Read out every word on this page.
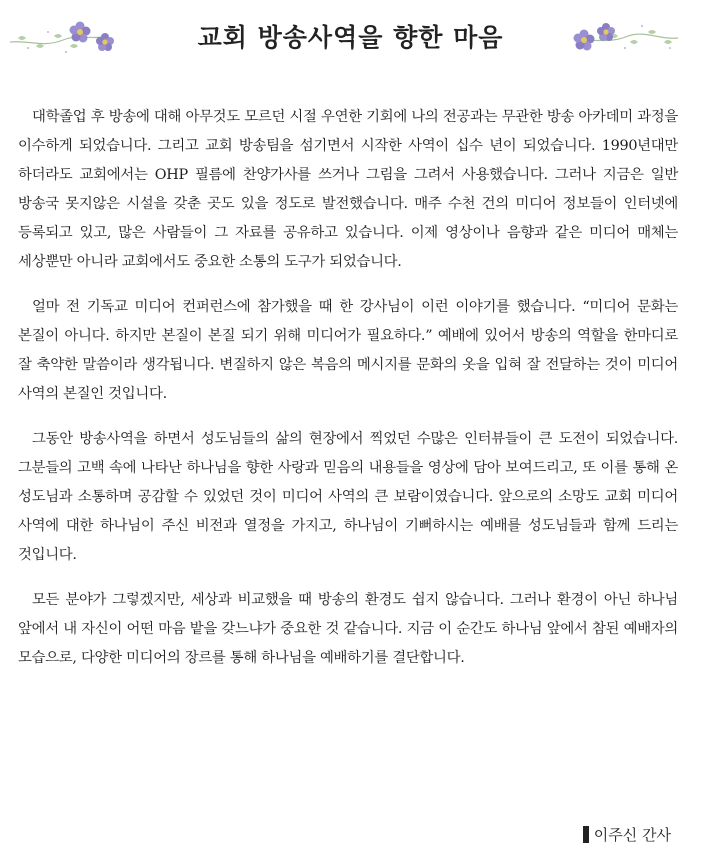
교회 방송사역을 향한 마음

대학졸업 후 방송에 대해 아무것도 모르던 시절 우연한 기회에 나의 전공과는 무관한 방송 아카데미 과정을 이수하게 되었습니다. 그리고 교회 방송팀을 섬기면서 시작한 사역이 십수 년이 되었습니다. 1990년대만 하더라도 교회에서는 OHP 필름에 찬양가사를 쓰거나 그림을 그려서 사용했습니다. 그러나 지금은 일반 방송국 못지않은 시설을 갖춘 곳도 있을 정도로 발전했습니다. 매주 수천 건의 미디어 정보들이 인터넷에 등록되고 있고, 많은 사람들이 그 자료를 공유하고 있습니다. 이제 영상이나 음향과 같은 미디어 매체는 세상뿐만 아니라 교회에서도 중요한 소통의 도구가 되었습니다.

얼마 전 기독교 미디어 컨퍼런스에 참가했을 때 한 강사님이 이런 이야기를 했습니다. “미디어 문화는 본질이 아니다. 하지만 본질이 본질 되기 위해 미디어가 필요하다.” 예배에 있어서 방송의 역할을 한마디로 잘 축약한 말씀이라 생각됩니다. 변질하지 않은 복음의 메시지를 문화의 옷을 입혀 잘 전달하는 것이 미디어 사역의 본질인 것입니다.

그동안 방송사역을 하면서 성도님들의 삶의 현장에서 찍었던 수많은 인터뷰들이 큰 도전이 되었습니다. 그분들의 고백 속에 나타난 하나님을 향한 사랑과 믿음의 내용들을 영상에 담아 보여드리고, 또 이를 통해 온 성도님과 소통하며 공감할 수 있었던 것이 미디어 사역의 큰 보람이였습니다. 앞으로의 소망도 교회 미디어 사역에 대한 하나님이 주신 비전과 열정을 가지고, 하나님이 기뻐하시는 예배를 성도님들과 함께 드리는 것입니다.

모든 분야가 그렇겠지만, 세상과 비교했을 때 방송의 환경도 쉽지 않습니다. 그러나 환경이 아닌 하나님 앞에서 내 자신이 어떤 마음 밭을 갖느냐가 중요한 것 같습니다. 지금 이 순간도 하나님 앞에서 참된 예배자의 모습으로, 다양한 미디어의 장르를 통해 하나님을 예배하기를 결단합니다.

이주신 간사
